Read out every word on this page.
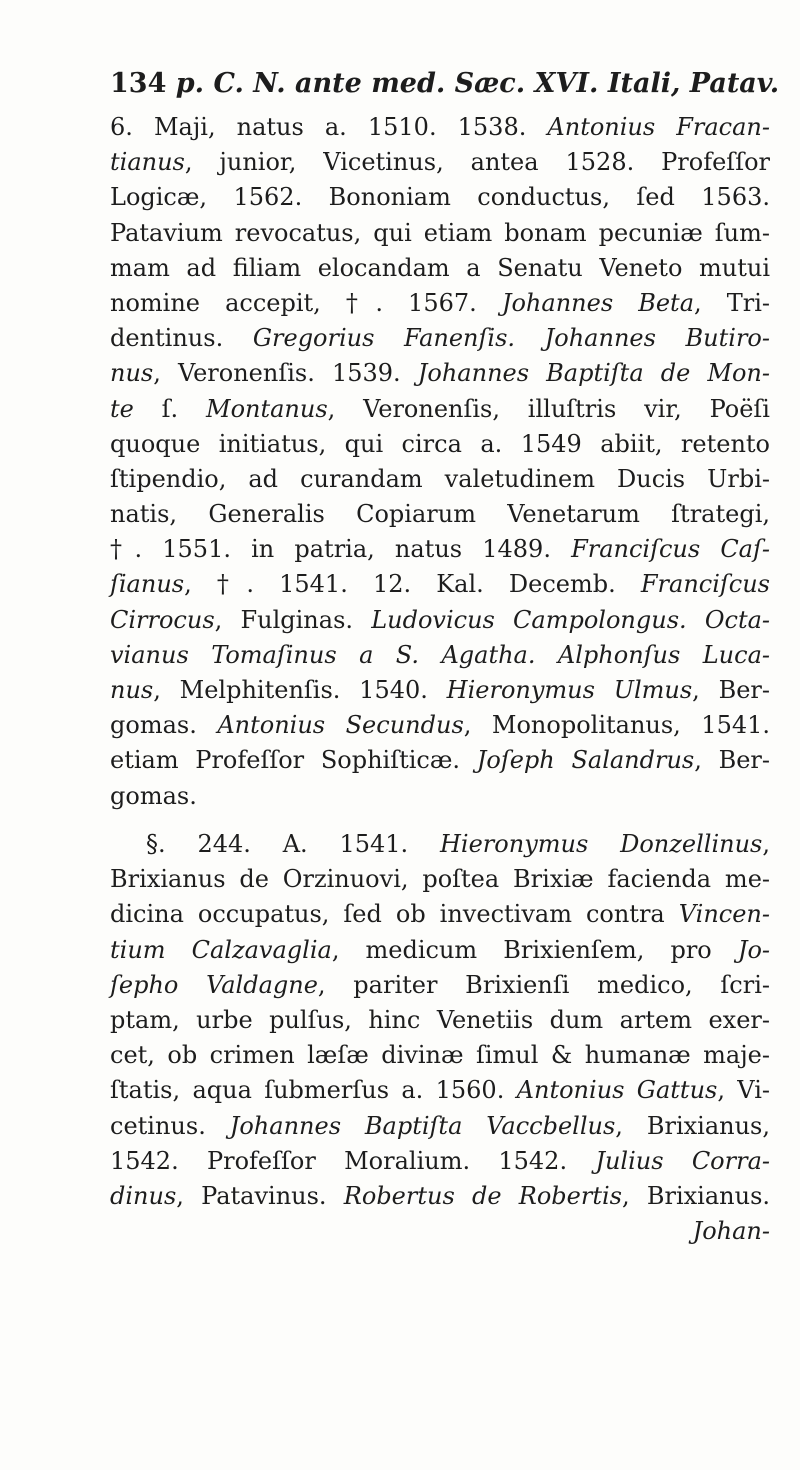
134 p. C. N. ante med. Sæc. XVI. Itali, Patav.
6. Maji, natus a. 1510. 1538. Antonius Fracan-
tianus, junior, Vicetinus, antea 1528. Profeſſor
Logicæ, 1562. Bononiam conductus, ſed 1563.
Patavium revocatus, qui etiam bonam pecuniæ ſum-
mam ad filiam elocandam a Senatu Veneto mutui
nomine accepit, †. 1567. Johannes Beta, Tri-
dentinus. Gregorius Fanenſis. Johannes Butiro-
nus, Veronenſis. 1539. Johannes Baptiſta de Mon-
te ſ. Montanus, Veronenſis, illuſtris vir, Poëſi
quoque initiatus, qui circa a. 1549 abiit, retento
ſtipendio, ad curandam valetudinem Ducis Urbi-
natis, Generalis Copiarum Venetarum ſtrategi,
†. 1551. in patria, natus 1489. Franciſcus Caſ-
ſianus, †. 1541. 12. Kal. Decemb. Franciſcus
Cirrocus, Fulginas. Ludovicus Campolongus. Octa-
vianus Tomaſinus a S. Agatha. Alphonſus Luca-
nus, Melphitenſis. 1540. Hieronymus Ulmus, Ber-
gomas. Antonius Secundus, Monopolitanus, 1541.
etiam Profeſſor Sophiſticæ. Joſeph Salandrus, Ber-
gomas.
§. 244. A. 1541. Hieronymus Donzellinus,
Brixianus de Orzinuovi, poſtea Brixiæ facienda me-
dicina occupatus, ſed ob invectivam contra Vincen-
tium Calzavaglia, medicum Brixienſem, pro Jo-
ſepho Valdagne, pariter Brixienſi medico, ſcri-
ptam, urbe pulſus, hinc Venetiis dum artem exer-
cet, ob crimen læſæ divinæ ſimul & humanæ maje-
ſtatis, aqua ſubmerſus a. 1560. Antonius Gattus, Vi-
cetinus. Johannes Baptiſta Vaccbellus, Brixianus,
1542. Profeſſor Moralium. 1542. Julius Corra-
dinus, Patavinus. Robertus de Robertis, Brixianus.
Johan-
